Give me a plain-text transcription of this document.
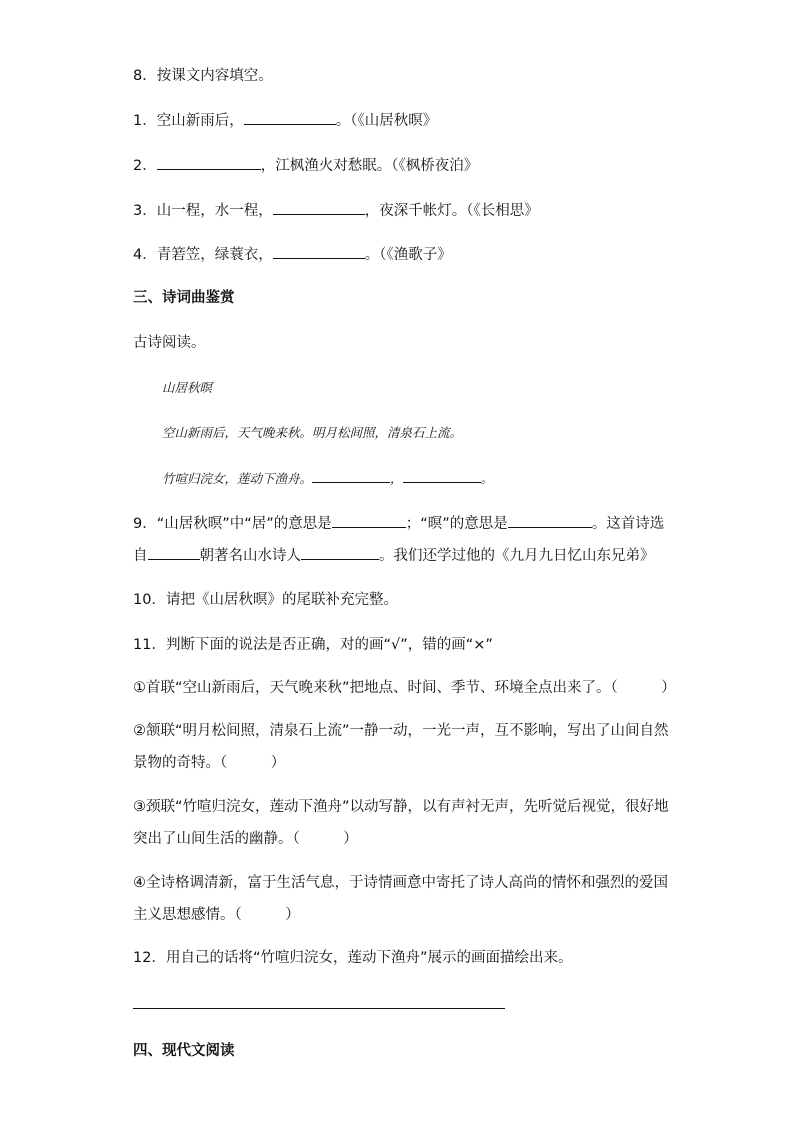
8．按课文内容填空。
1．空山新雨后，	。（《山居秋暝》
2．	，江枫渔火对愁眠。（《枫桥夜泊》
3．山一程，水一程，	，夜深千帐灯。（《长相思》
4．青箬笠，绿蓑衣，	。（《渔歌子》
三、诗词曲鉴赏
古诗阅读。
山居秋暝
空山新雨后，天气晚来秋。明月松间照，清泉石上流。
竹喧归浣女，莲动下渔舟。	，	。
9．“山居秋暝”中“居”的意思是	；“暝”的意思是	。这首诗选
自	朝著名山水诗人	。我们还学过他的《九月九日忆山东兄弟》
10．请把《山居秋暝》的尾联补充完整。
11．判断下面的说法是否正确，对的画“√”，错的画“×”
①首联“空山新雨后，天气晚来秋”把地点、时间、季节、环境全点出来了。（　　　）
②颔联“明月松间照，清泉石上流”一静一动，一光一声，互不影响，写出了山间自然
景物的奇特。（　　　）
③颈联“竹喧归浣女，莲动下渔舟”以动写静，以有声衬无声，先听觉后视觉，很好地
突出了山间生活的幽静。（　　　）
④全诗格调清新，富于生活气息，于诗情画意中寄托了诗人高尚的情怀和强烈的爱国
主义思想感情。（　　　）
12．用自己的话将“竹喧归浣女，莲动下渔舟”展示的画面描绘出来。
四、现代文阅读
